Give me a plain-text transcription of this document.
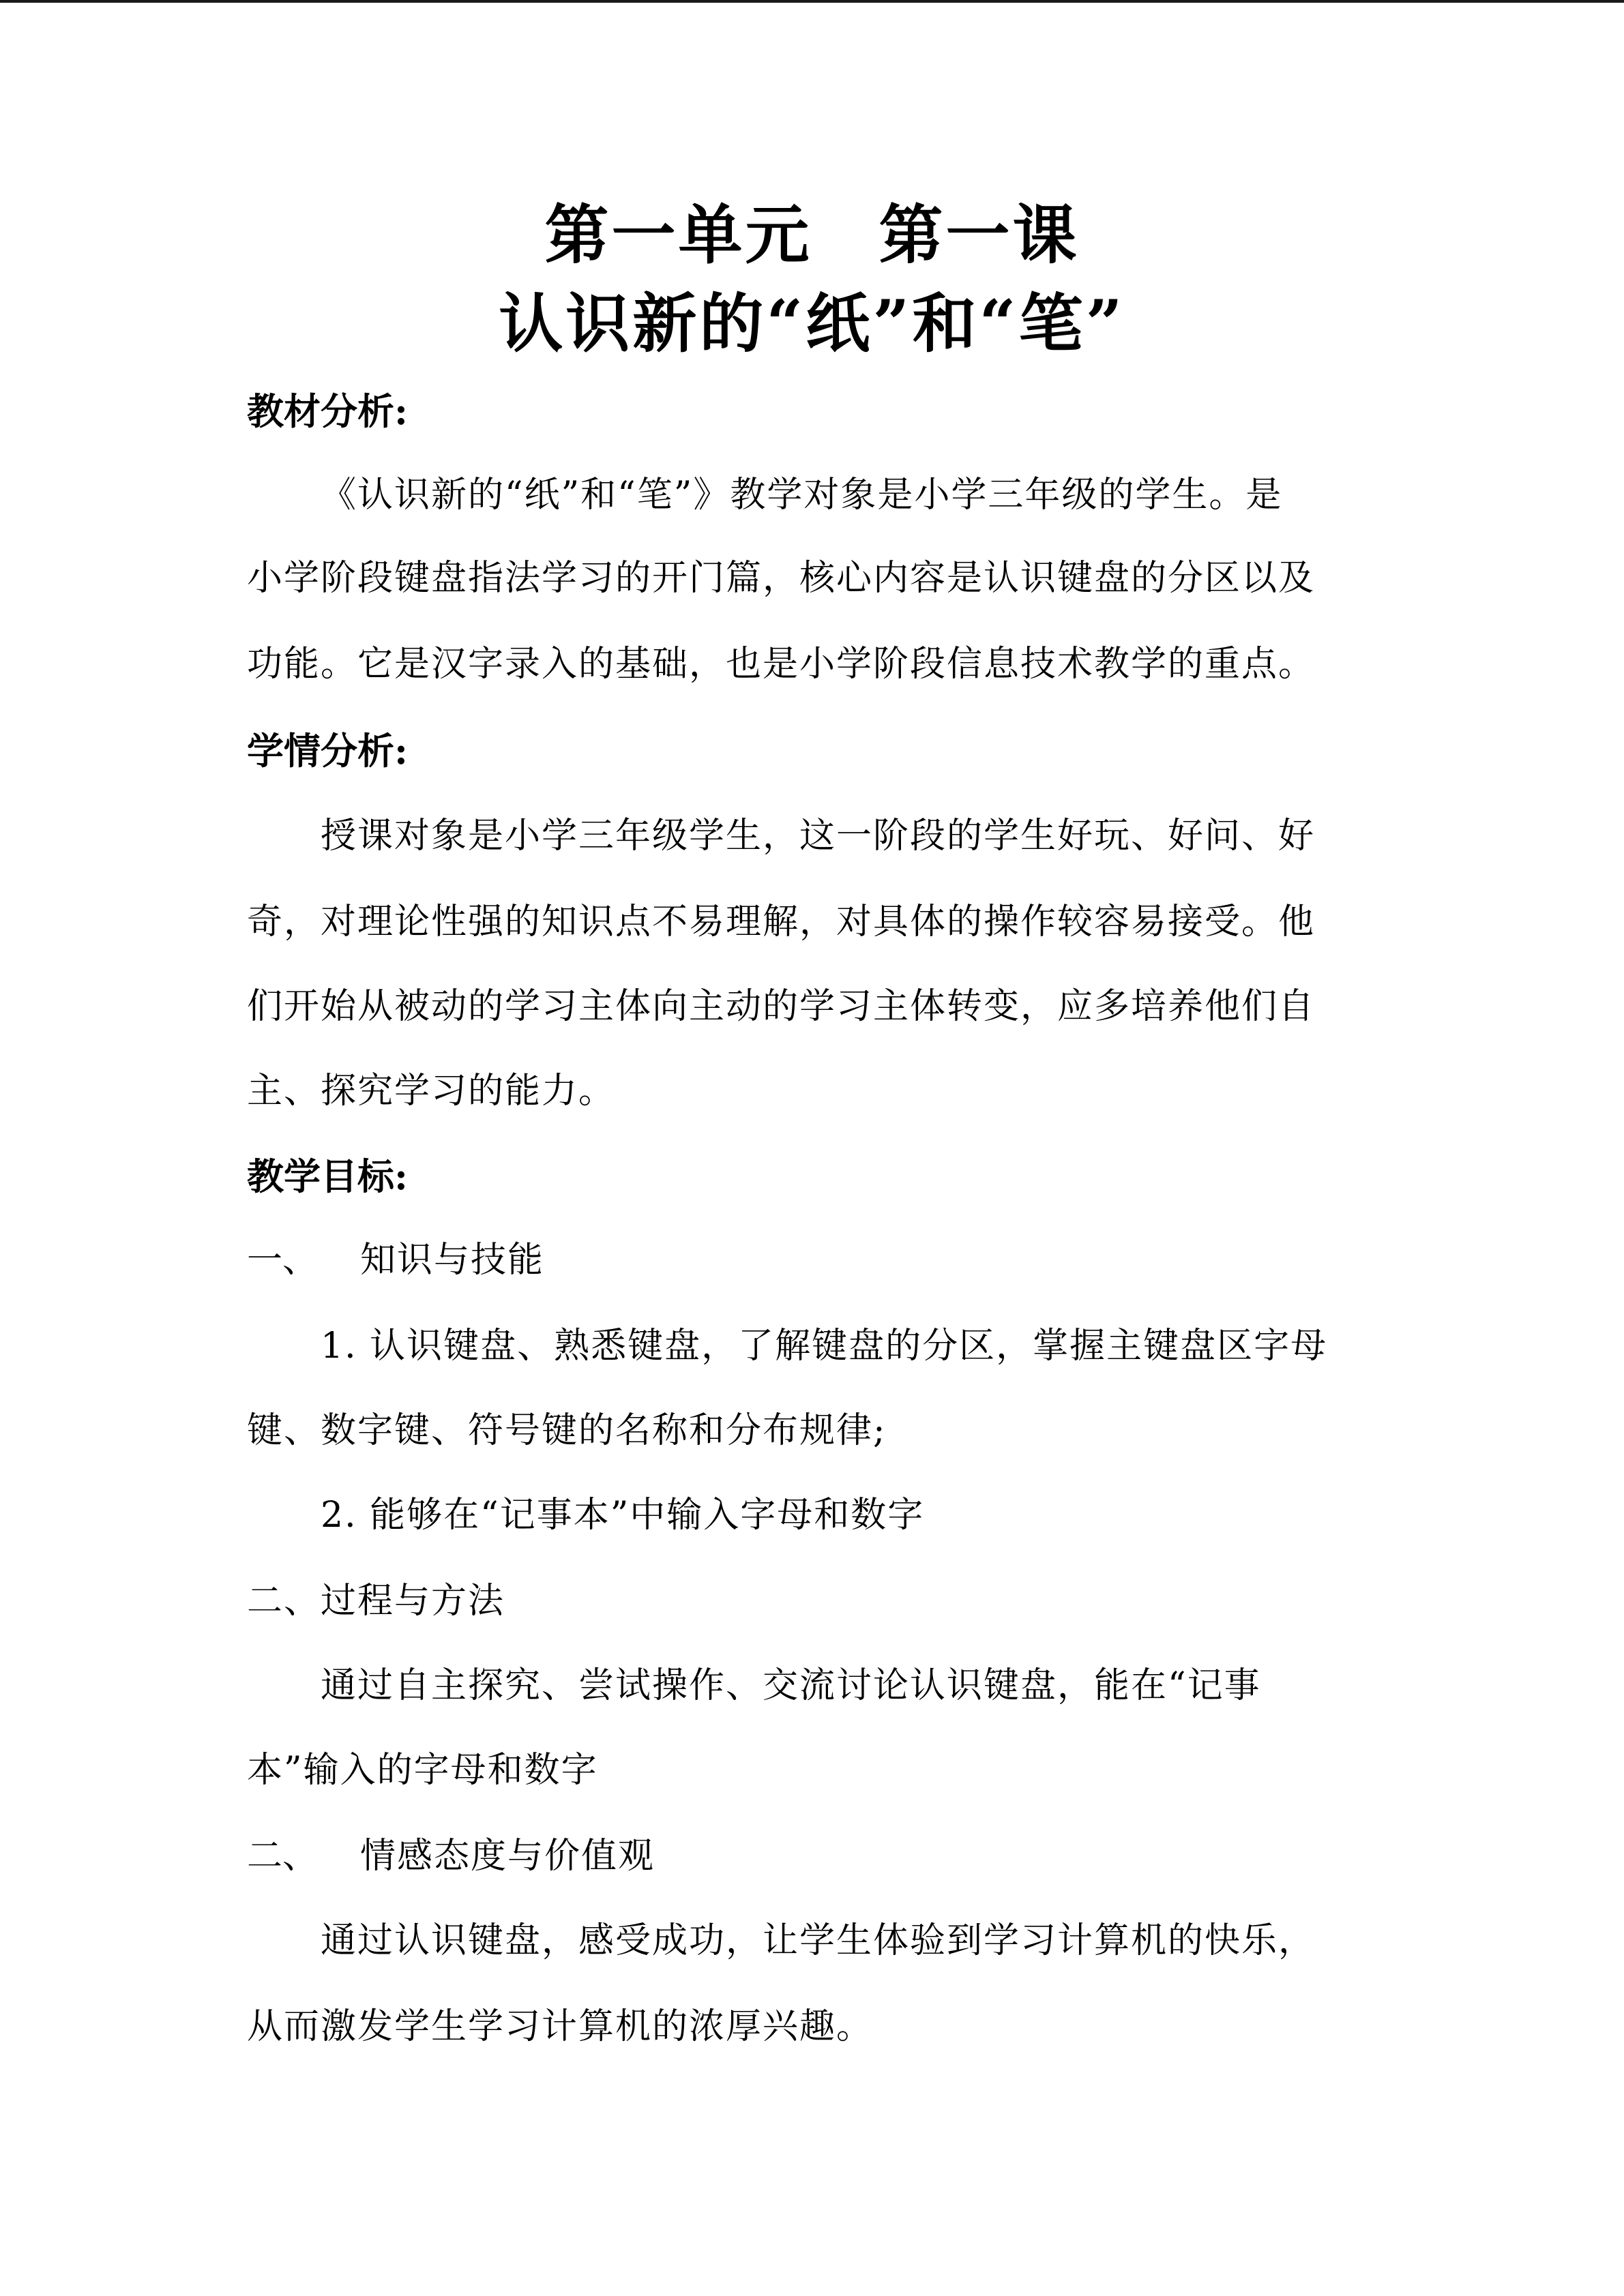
第一单元　第一课
认识新的“纸”和“笔”
教材分析:
《认识新的“纸”和“笔”》教学对象是小学三年级的学生。是
小学阶段键盘指法学习的开门篇，核心内容是认识键盘的分区以及
功能。它是汉字录入的基础，也是小学阶段信息技术教学的重点。
学情分析:
授课对象是小学三年级学生，这一阶段的学生好玩、好问、好
奇，对理论性强的知识点不易理解，对具体的操作较容易接受。他
们开始从被动的学习主体向主动的学习主体转变，应多培养他们自
主、探究学习的能力。
教学目标:
一、 知识与技能
1. 认识键盘、熟悉键盘，了解键盘的分区，掌握主键盘区字母
键、数字键、符号键的名称和分布规律;
2. 能够在“记事本”中输入字母和数字
二、过程与方法
通过自主探究、尝试操作、交流讨论认识键盘，能在“记事
本”输入的字母和数字
二、 情感态度与价值观
通过认识键盘，感受成功，让学生体验到学习计算机的快乐，
从而激发学生学习计算机的浓厚兴趣。
